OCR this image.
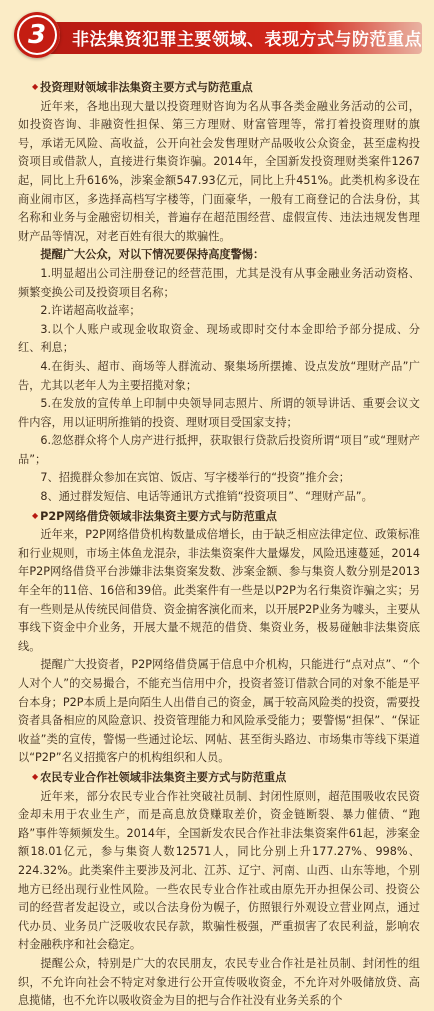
3	非法集资犯罪主要领域、表现方式与防范重点
◆ 投资理财领域非法集资主要方式与防范重点

近年来，各地出现大量以投资理财咨询为名从事各类金融业务活动的公司，如投资咨询、非融资性担保、第三方理财、财富管理等，常打着投资理财的旗号，承诺无风险、高收益，公开向社会发售理财产品吸收公众资金，甚至虚构投资项目或借款人，直接进行集资诈骗。2014年，全国新发投资理财类案件1267起，同比上升616%，涉案金额547.93亿元，同比上升451%。此类机构多设在商业闹市区，多选择高档写字楼等，门面豪华，一般有工商登记的合法身份，其名称和业务与金融密切相关，普遍存在超范围经营、虚假宣传、违法违规发售理财产品等情况，对老百姓有很大的欺骗性。

提醒广大公众，对以下情况要保持高度警惕：

1.明显超出公司注册登记的经营范围，尤其是没有从事金融业务活动资格、频繁变换公司及投资项目名称；

2.许诺超高收益率；

3.以个人账户或现金收取资金、现场或即时交付本金即给予部分提成、分红、利息；

4.在街头、超市、商场等人群流动、聚集场所摆摊、设点发放“理财产品”广告，尤其以老年人为主要招揽对象；

5.在发放的宣传单上印制中央领导同志照片、所谓的领导讲话、重要会议文件内容，用以证明所推销的投资、理财项目受国家支持；

6.忽悠群众将个人房产进行抵押，获取银行贷款后投资所谓“项目”或“理财产品”；

7、招揽群众参加在宾馆、饭店、写字楼举行的“投资”推介会；

8、通过群发短信、电话等通讯方式推销“投资项目”、“理财产品”。

◆ P2P网络借贷领域非法集资主要方式与防范重点

近年来，P2P网络借贷机构数量成倍增长，由于缺乏相应法律定位、政策标准和行业规则，市场主体鱼龙混杂，非法集资案件大量爆发，风险迅速蔓延，2014年P2P网络借贷平台涉嫌非法集资案发数、涉案金额、参与集资人数分别是2013年全年的11倍、16倍和39倍。此类案件有一些是以P2P为名行集资诈骗之实；另有一些则是从传统民间借贷、资金掮客演化而来，以开展P2P业务为噱头，主要从事线下资金中介业务，开展大量不规范的借贷、集资业务，极易碰触非法集资底线。

提醒广大投资者，P2P网络借贷属于信息中介机构，只能进行“点对点”、“个人对个人”的交易撮合，不能充当信用中介，投资者签订借款合同的对象不能是平台本身；P2P本质上是向陌生人出借自己的资金，属于较高风险类的投资，需要投资者具备相应的风险意识、投资管理能力和风险承受能力；要警惕“担保”、“保证收益”类的宣传，警惕一些通过论坛、网帖、甚至街头路边、市场集市等线下渠道以“P2P”名义招揽客户的机构组织和人员。

◆ 农民专业合作社领域非法集资主要方式与防范重点

近年来，部分农民专业合作社突破社员制、封闭性原则，超范围吸收农民资金却未用于农业生产，而是高息放贷赚取差价，资金链断裂、暴力催债、“跑路”事件等频频发生。2014年，全国新发农民合作社非法集资案件61起，涉案金额18.01亿元，参与集资人数12571人，同比分别上升177.27%、998%、224.32%。此类案件主要涉及河北、江苏、辽宁、河南、山西、山东等地，个别地方已经出现行业性风险。一些农民专业合作社或由原先开办担保公司、投资公司的经营者发起设立，或以合法身份为幌子，仿照银行外观设立营业网点，通过代办员、业务员广泛吸收农民存款，欺骗性极强，严重损害了农民利益，影响农村金融秩序和社会稳定。

提醒公众，特别是广大的农民朋友，农民专业合作社是社员制、封闭性的组织，不允许向社会不特定对象进行公开宣传吸收资金，不允许对外吸储放贷、高息揽储，也不允许以吸收资金为目的把与合作社没有业务关系的个
